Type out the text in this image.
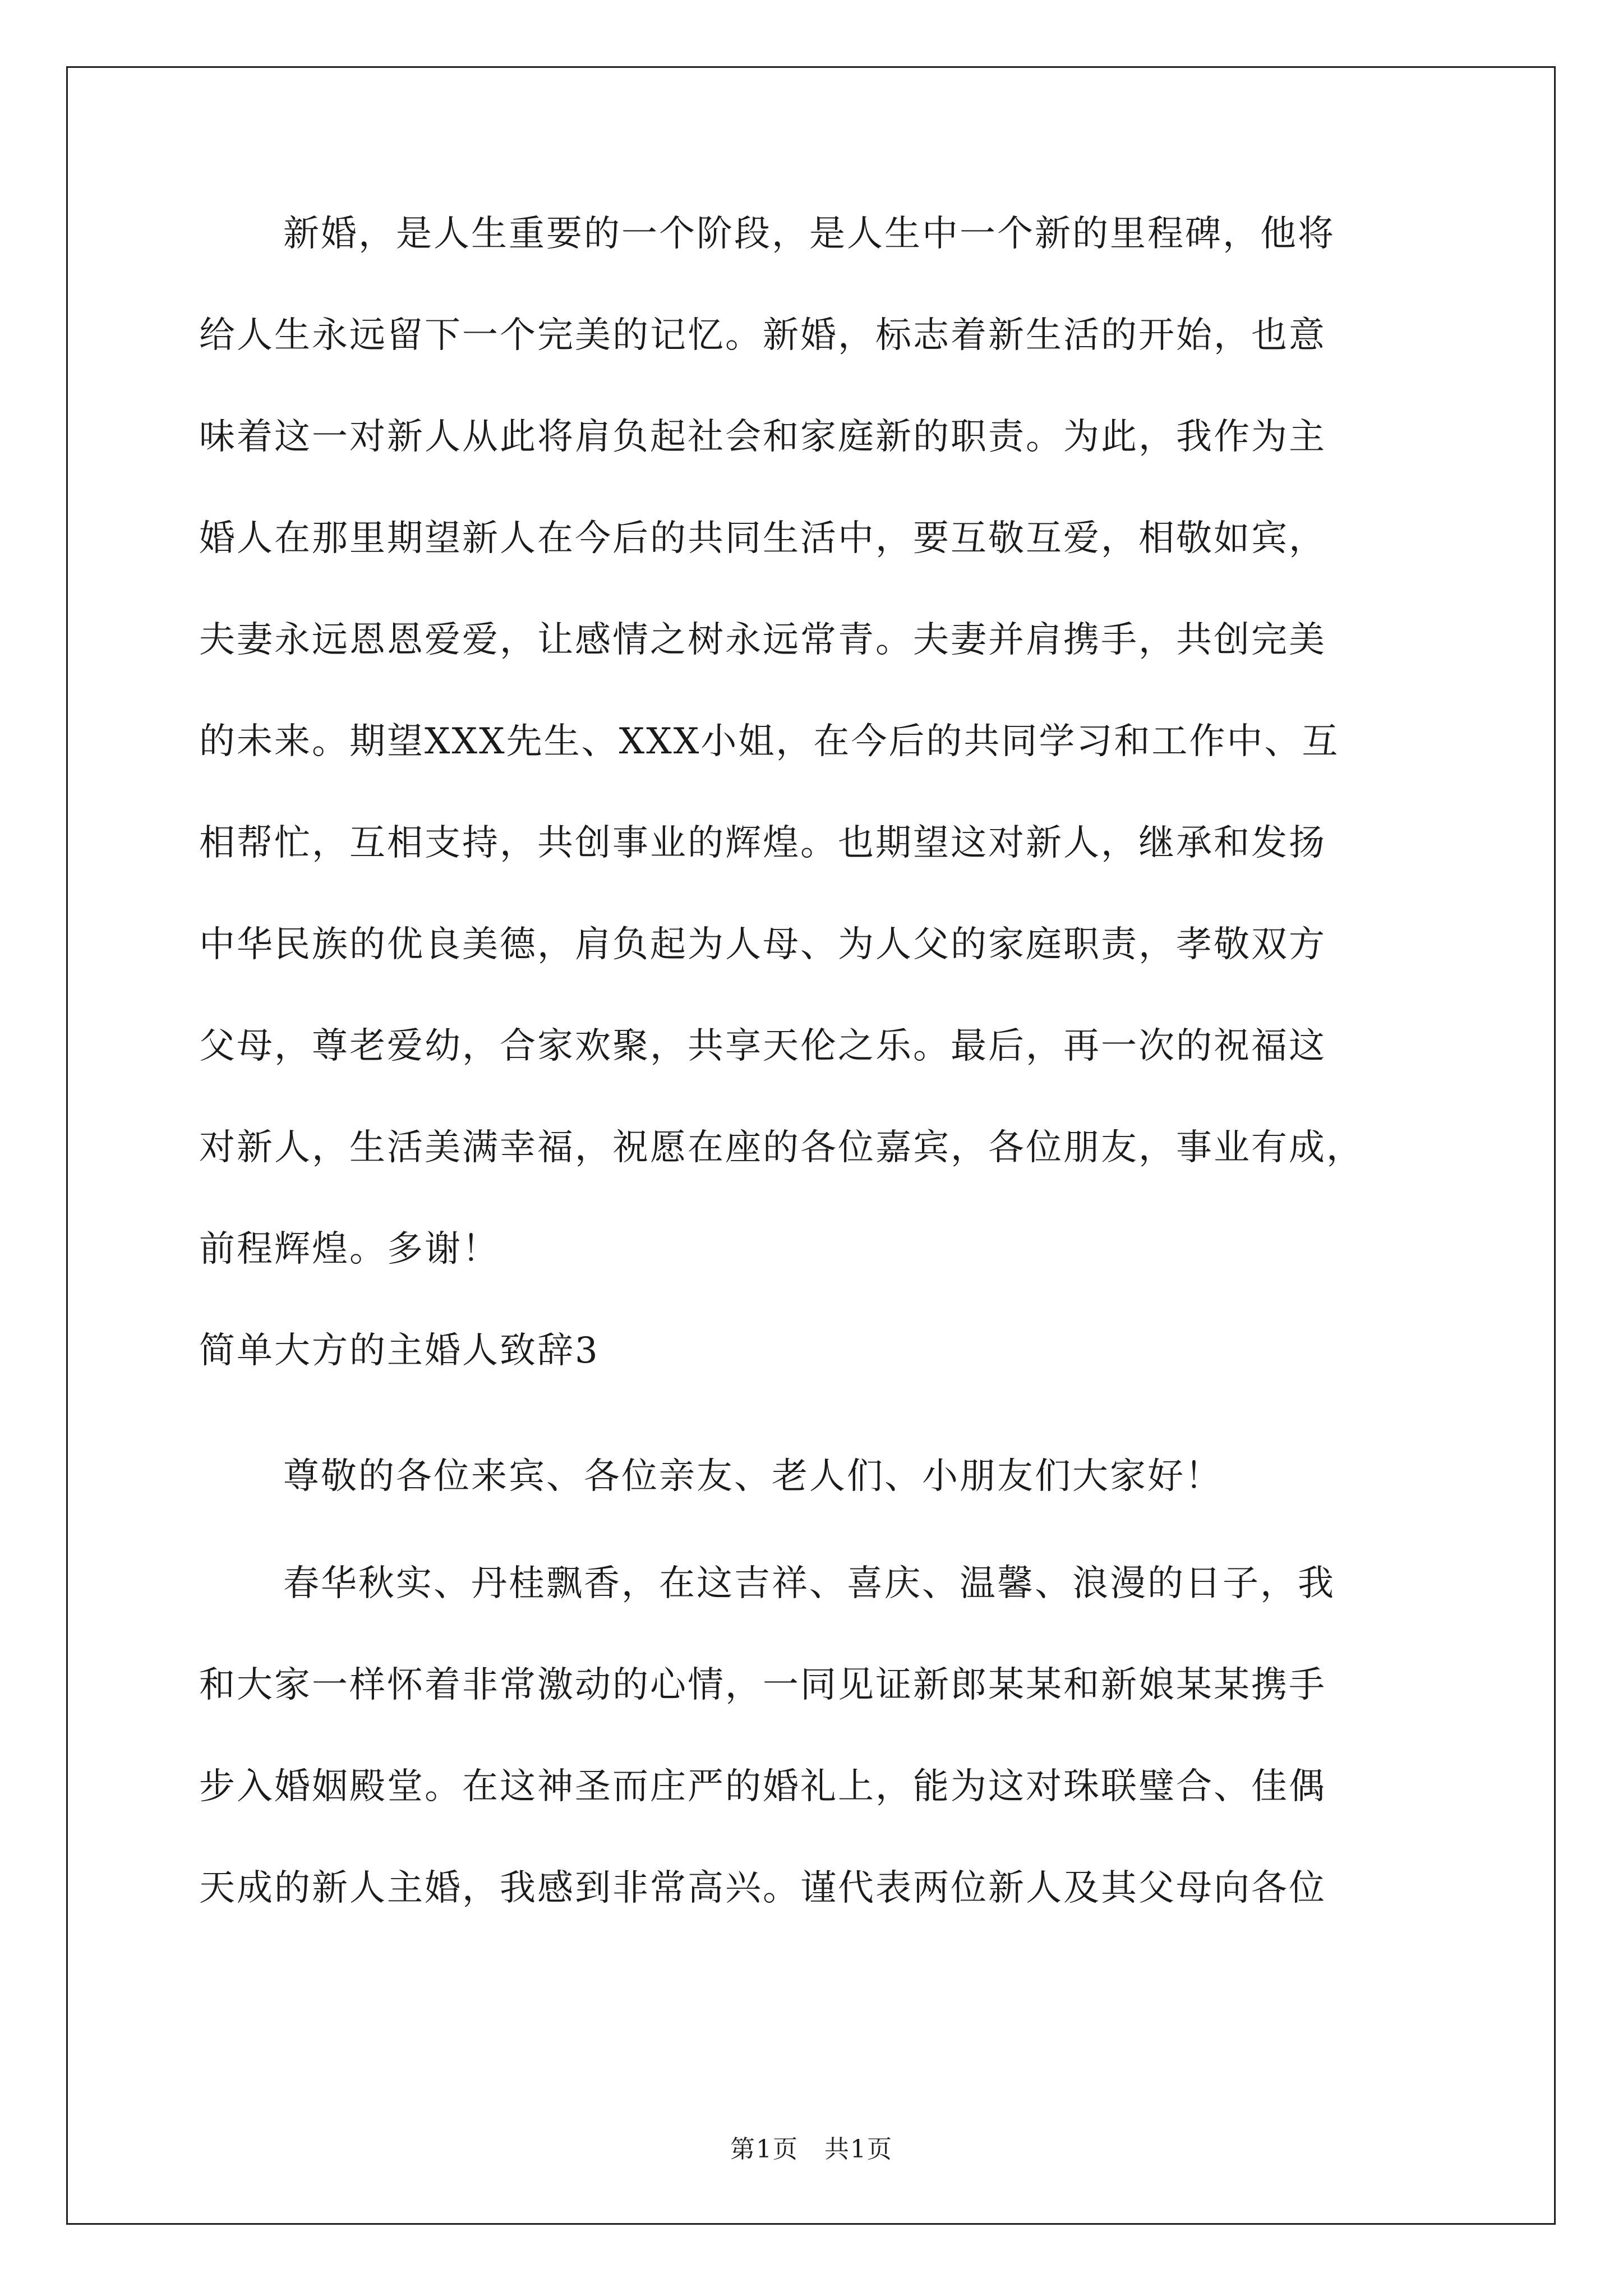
新婚，是人生重要的一个阶段，是人生中一个新的里程碑，他将
给人生永远留下一个完美的记忆。新婚，标志着新生活的开始，也意
味着这一对新人从此将肩负起社会和家庭新的职责。为此，我作为主
婚人在那里期望新人在今后的共同生活中，要互敬互爱，相敬如宾，
夫妻永远恩恩爱爱，让感情之树永远常青。夫妻并肩携手，共创完美
的未来。期望XXX先生、XXX小姐，在今后的共同学习和工作中、互
相帮忙，互相支持，共创事业的辉煌。也期望这对新人，继承和发扬
中华民族的优良美德，肩负起为人母、为人父的家庭职责，孝敬双方
父母，尊老爱幼，合家欢聚，共享天伦之乐。最后，再一次的祝福这
对新人，生活美满幸福，祝愿在座的各位嘉宾，各位朋友，事业有成，
前程辉煌。多谢！
简单大方的主婚人致辞3
尊敬的各位来宾、各位亲友、老人们、小朋友们大家好！
春华秋实、丹桂飘香，在这吉祥、喜庆、温馨、浪漫的日子，我
和大家一样怀着非常激动的心情，一同见证新郎某某和新娘某某携手
步入婚姻殿堂。在这神圣而庄严的婚礼上，能为这对珠联璧合、佳偶
天成的新人主婚，我感到非常高兴。谨代表两位新人及其父母向各位
第1页　共1页
